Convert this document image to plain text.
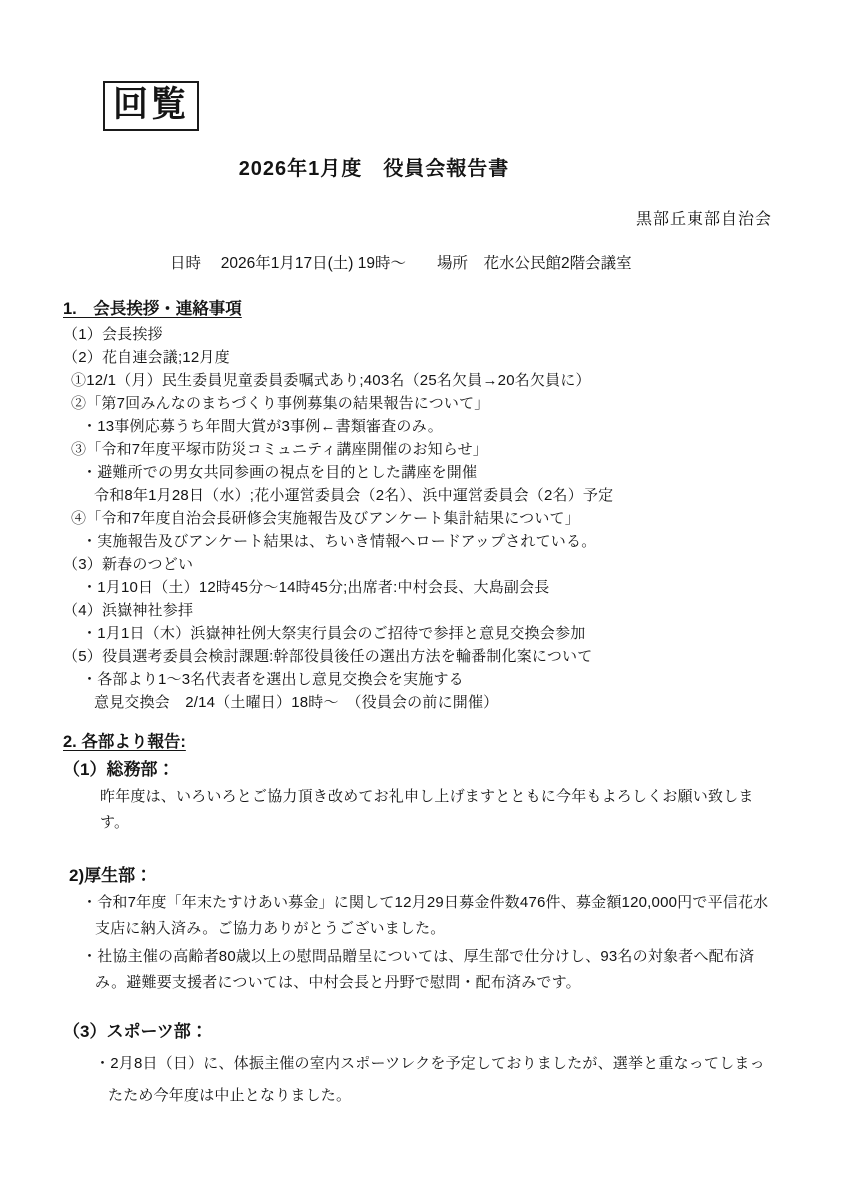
回覧
2026年1月度　役員会報告書
黒部丘東部自治会
日時　 2026年1月17日(土) 19時～　　場所　花水公民館2階会議室
1.　会長挨拶・連絡事項
（1）会長挨拶
（2）花自連会議;12月度
①12/1（月）民生委員児童委員委嘱式あり;403名（25名欠員→20名欠員に）
②「第7回みんなのまちづくり事例募集の結果報告について」
・13事例応募うち年間大賞が3事例←書類審査のみ。
③「令和7年度平塚市防災コミュニティ講座開催のお知らせ」
・避難所での男女共同参画の視点を目的とした講座を開催
令和8年1月28日（水）;花小運営委員会（2名）、浜中運営委員会（2名）予定
④「令和7年度自治会長研修会実施報告及びアンケート集計結果について」
・実施報告及びアンケート結果は、ちいき情報へロードアップされている。
（3）新春のつどい
・1月10日（土）12時45分～14時45分;出席者:中村会長、大島副会長
（4）浜嶽神社参拝
・1月1日（木）浜嶽神社例大祭実行員会のご招待で参拝と意見交換会参加
（5）役員選考委員会検討課題:幹部役員後任の選出方法を輪番制化案について
・各部より1～3名代表者を選出し意見交換会を実施する
意見交換会　2/14（土曜日）18時～　（役員会の前に開催）
2. 各部より報告:
（1）総務部：
昨年度は、いろいろとご協力頂き改めてお礼申し上げますとともに今年もよろしくお願い致します。
2)厚生部：
・令和7年度「年末たすけあい募金」に関して12月29日募金件数476件、募金額120,000円で平信花水支店に納入済み。ご協力ありがとうございました。
・社協主催の高齢者80歳以上の慰問品贈呈については、厚生部で仕分けし、93名の対象者へ配布済み。避難要支援者については、中村会長と丹野で慰問・配布済みです。
（3）スポーツ部：
・2月8日（日）に、体振主催の室内スポーツレクを予定しておりましたが、選挙と重なってしまったため今年度は中止となりました。
